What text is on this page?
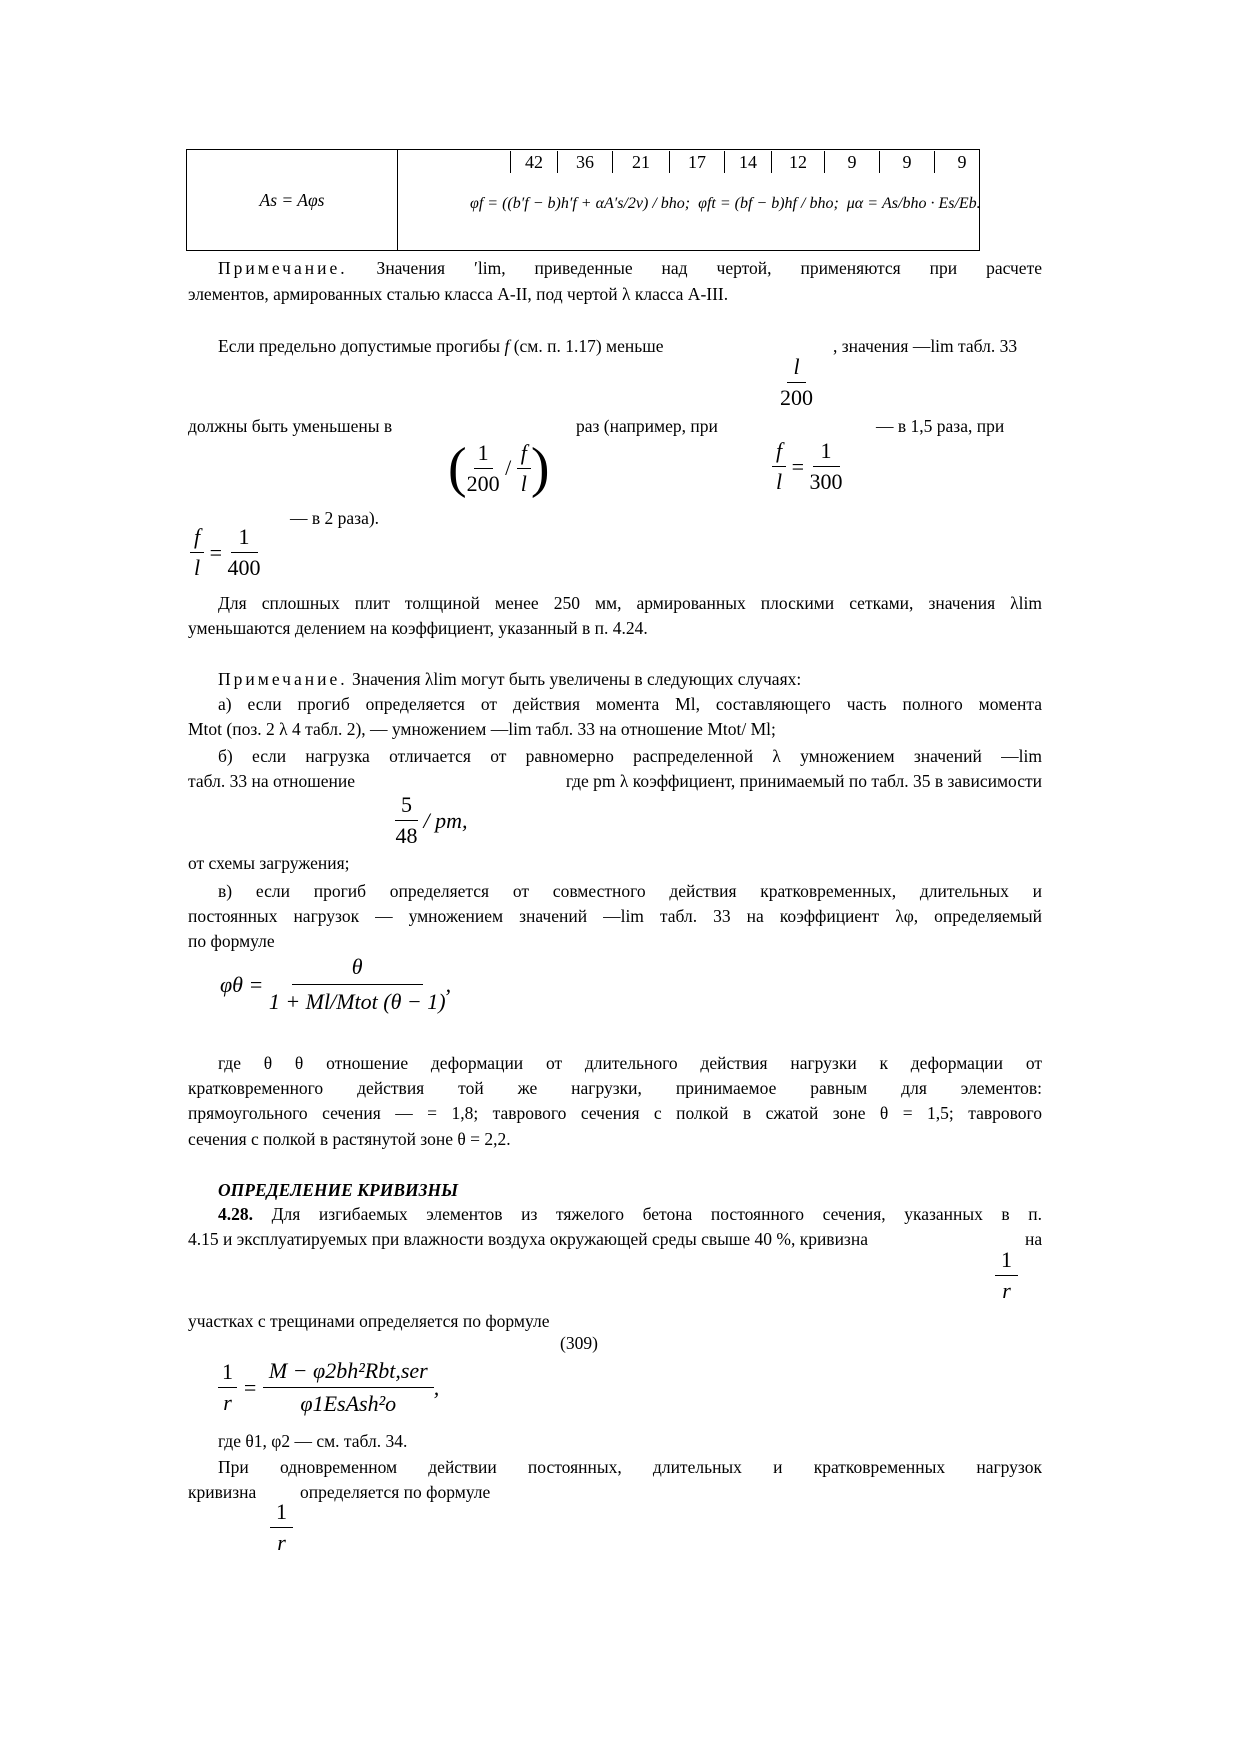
As = Aφs	
42	36	21	17	14	12	9	9	9
φf = ((b′f − b)h′f + αA′s/2ν) / bho; φft = (bf − b)hf / bho; μα = As/bho · Es/Eb.
Примечание. Значения ′lim, приведенные над чертой, применяются при расчете
элементов, армированных сталью класса А-II, под чертой λ класса А-III.
Если предельно допустимые прогибы f (см. п. 1.17) меньше	, значения —lim табл. 33
$\frac{l}{200}$
должны быть уменьшены в	раз (например, при	— в 1,5 раза, при
( $\frac{1}{200} / \frac{f}{l}$ )	$\frac{f}{l} = \frac{1}{300}$
— в 2 раза).
$\frac{f}{l} = \frac{1}{400}$
Для сплошных плит толщиной менее 250 мм, армированных плоскими сетками, значения λlim
уменьшаются делением на коэффициент, указанный в п. 4.24.
Примечание. Значения λlim могут быть увеличены в следующих случаях:
а) если прогиб определяется от действия момента Ml, составляющего часть полного момента
Mtot (поз. 2 λ 4 табл. 2), — умножением —lim табл. 33 на отношение Mtot/ Ml;
б) если нагрузка отличается от равномерно распределенной λ умножением значений —lim
табл. 33 на отношение	где pm λ коэффициент, принимаемый по табл. 35 в зависимости
$\frac{5}{48}$
/ pm,
от схемы загружения;
в) если прогиб определяется от совместного действия кратковременных, длительных и
постоянных нагрузок — умножением значений —lim табл. 33 на коэффициент λφ, определяемый
по формуле
φθ =

θ
1 + Ml/Mtot (θ − 1)
,
где θ θ отношение деформации от длительного действия нагрузки к деформации от
кратковременного действия той же нагрузки, принимаемое равным для элементов:
прямоугольного сечения — = 1,8; таврового сечения с полкой в сжатой зоне θ = 1,5; таврового
сечения с полкой в растянутой зоне θ = 2,2.
ОПРЕДЕЛЕНИЕ КРИВИЗНЫ
4.28. Для изгибаемых элементов из тяжелого бетона постоянного сечения, указанных в п.
4.15 и эксплуатируемых при влажности воздуха окружающей среды свыше 40 %, кривизна	на
$\frac{1}{r}$
участках с трещинами определяется по формуле
(309)
$\frac{1}{r}$ =
M − φ2bh²Rbt,ser
φ1EsAsh²o
,
где θ1, φ2 — см. табл. 34.
При одновременном действии постоянных, длительных и кратковременных нагрузок
кривизна определяется по формуле
$\frac{1}{r}$
